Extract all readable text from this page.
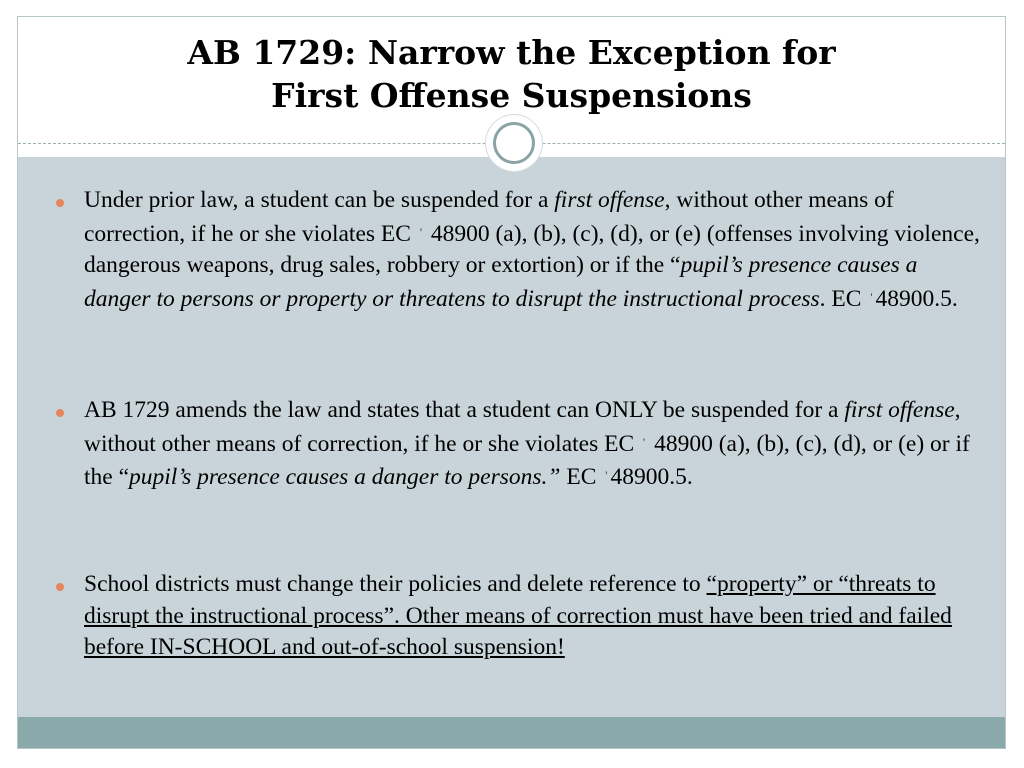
AB 1729: Narrow the Exception for
First Offense Suspensions
Under prior law, a student can be suspended for a first offense, without other means of correction, if he or she violates EC ' 48900 (a), (b), (c), (d), or (e) (offenses involving violence, dangerous weapons, drug sales, robbery or extortion) or if the “pupil’s presence causes a danger to persons or property or threatens to disrupt the instructional process. EC ' 48900.5.
AB 1729 amends the law and states that a student can ONLY be suspended for a first offense, without other means of correction, if he or she violates EC ' 48900 (a), (b), (c), (d), or (e) or if the “pupil’s presence causes a danger to persons.” EC ' 48900.5.
School districts must change their policies and delete reference to “property” or “threats to disrupt the instructional process”. Other means of correction must have been tried and failed before IN-SCHOOL and out-of-school suspension!
